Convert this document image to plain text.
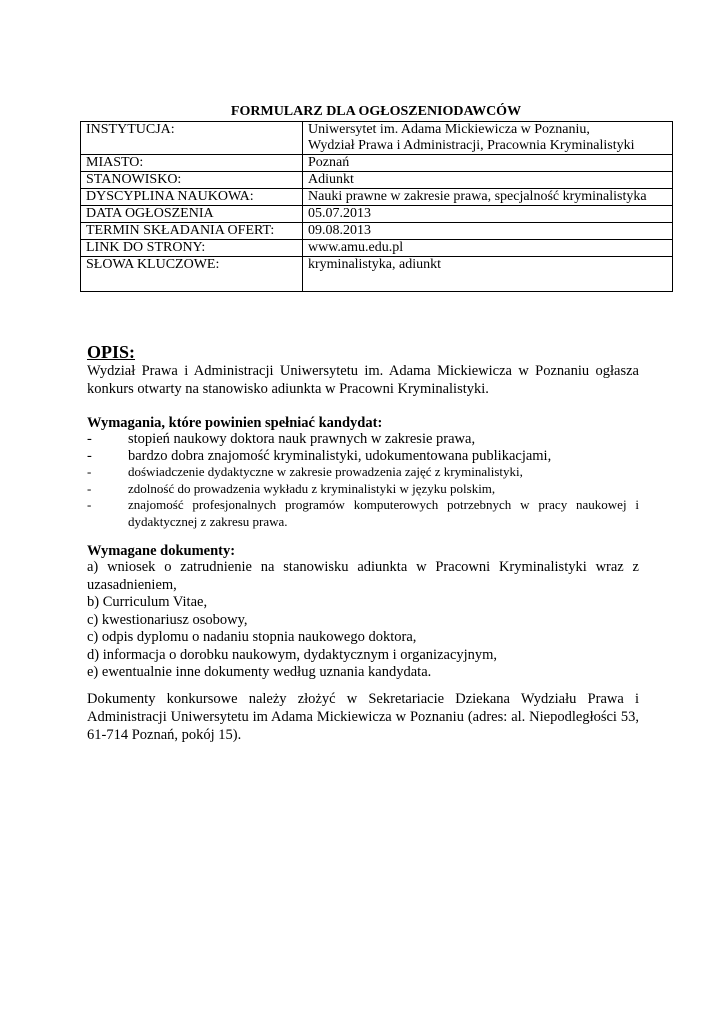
FORMULARZ DLA OGŁOSZENIODAWCÓW
INSTYTUCJA:	Uniwersytet im. Adama Mickiewicza w Poznaniu,
Wydział Prawa i Administracji, Pracownia Kryminalistyki

MIASTO:	Poznań
STANOWISKO:	Adiunkt
DYSCYPLINA NAUKOWA:	Nauki prawne w zakresie prawa, specjalność kryminalistyka
DATA OGŁOSZENIA	05.07.2013
TERMIN SKŁADANIA OFERT:	09.08.2013
LINK DO STRONY:	www.amu.edu.pl
SŁOWA KLUCZOWE:	kryminalistyka, adiunkt
OPIS:
Wydział Prawa i Administracji Uniwersytetu im. Adama Mickiewicza w Poznaniu ogłasza konkurs otwarty na stanowisko adiunkta w Pracowni Kryminalistyki.
Wymagania, które powinien spełniać kandydat:
-	stopień naukowy doktora nauk prawnych w zakresie prawa,
-	bardzo dobra znajomość kryminalistyki, udokumentowana publikacjami,
-	doświadczenie dydaktyczne w zakresie prowadzenia zajęć z kryminalistyki,
-	zdolność do prowadzenia wykładu z kryminalistyki w języku polskim,
-	znajomość profesjonalnych programów komputerowych potrzebnych w pracy naukowej i dydaktycznej z zakresu prawa.
Wymagane dokumenty:
a) wniosek o zatrudnienie na stanowisku adiunkta w Pracowni Kryminalistyki wraz z uzasadnieniem,
b) Curriculum Vitae,
c) kwestionariusz osobowy,
c) odpis dyplomu o nadaniu stopnia naukowego doktora,
d) informacja o dorobku naukowym, dydaktycznym i organizacyjnym,
e) ewentualnie inne dokumenty według uznania kandydata.
Dokumenty konkursowe należy złożyć w Sekretariacie Dziekana Wydziału Prawa i Administracji Uniwersytetu im Adama Mickiewicza w Poznaniu (adres: al. Niepodległości 53, 61-714 Poznań, pokój 15).
